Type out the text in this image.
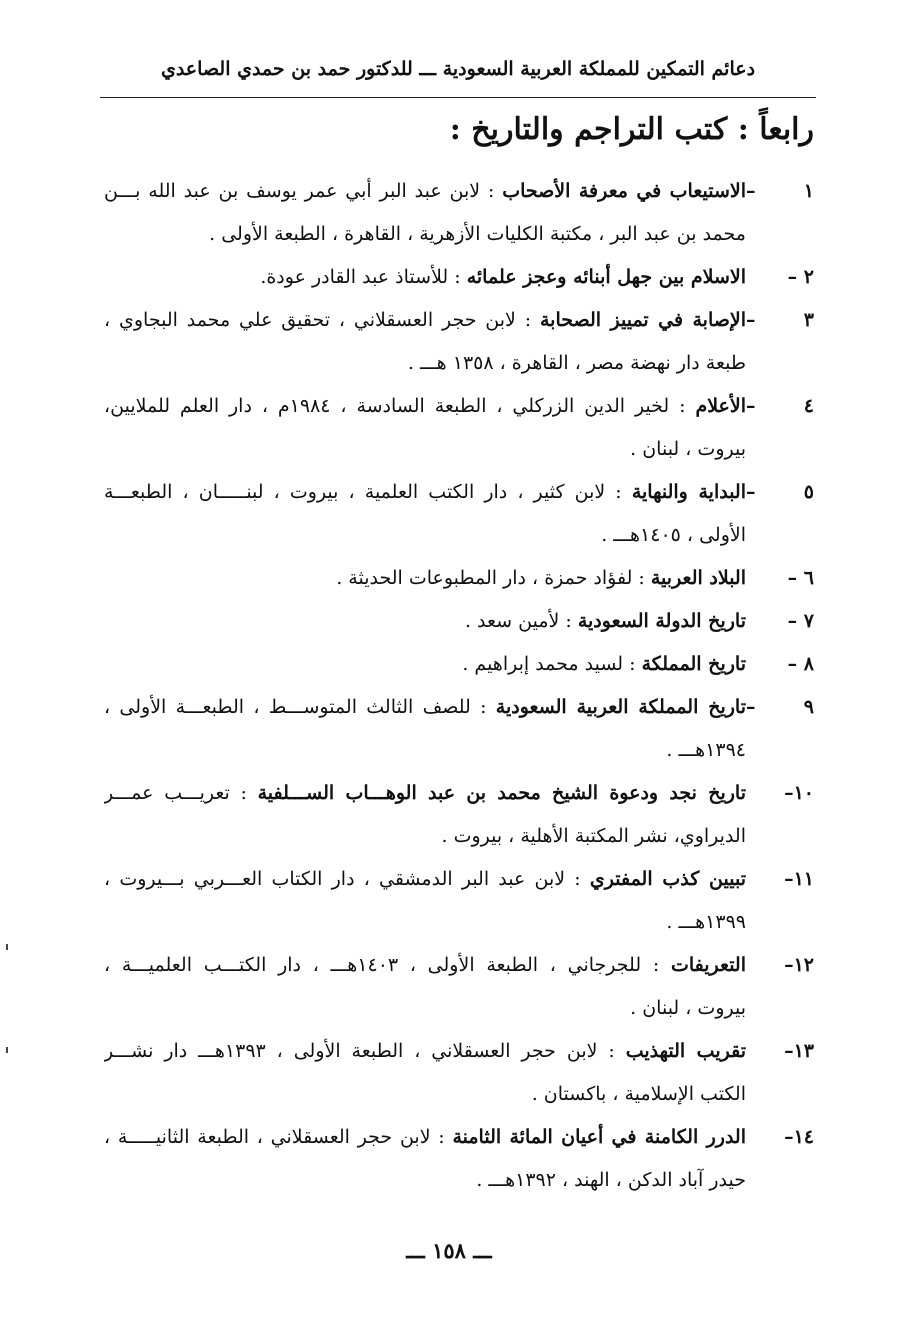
دعائم التمكين للمملكة العربية السعودية ـــ للدكتور حمد بن حمدي الصاعدي
رابعاً : كتب التراجم والتاريخ :
١ –الاستيعاب في معرفة الأصحاب : لابن عبد البر أبي عمر يوسف بن عبد الله بـــن
محمد بن عبد البر ، مكتبة الكليات الأزهرية ، القاهرة ، الطبعة الأولى .
٢ –الاسلام بين جهل أبنائه وعجز علمائه : للأستاذ عبد القادر عودة.
٣ –الإصابة في تمييز الصحابة : لابن حجر العسقلاني ، تحقيق علي محمد البجاوي ،
طبعة دار نهضة مصر ، القاهرة ، ١٣٥٨ هـــ .
٤ –الأعلام : لخير الدين الزركلي ، الطبعة السادسة ، ١٩٨٤م ، دار العلم للملايين،
بيروت ، لبنان .
٥ –البداية والنهاية : لابن كثير ، دار الكتب العلمية ، بيروت ، لبنـــــان ، الطبعـــة
الأولى ، ١٤٠٥هـــ .
٦ –البلاد العربية : لفؤاد حمزة ، دار المطبوعات الحديثة .
٧ –تاريخ الدولة السعودية : لأمين سعد .
٨ –تاريخ المملكة : لسيد محمد إبراهيم .
٩ –تاريخ المملكة العربية السعودية : للصف الثالث المتوســـط ، الطبعـــة الأولى ،
١٣٩٤هـــ .
١٠–تاريخ نجد ودعوة الشيخ محمد بن عبد الوهـــاب الســـلفية : تعريـــب عمـــر
الديراوي، نشر المكتبة الأهلية ، بيروت .
١١–تبيين كذب المفتري : لابن عبد البر الدمشقي ، دار الكتاب العـــربي بـــيروت ،
١٣٩٩هـــ .
١٢–التعريفات : للجرجاني ، الطبعة الأولى ، ١٤٠٣هـــ ، دار الكتـــب العلميـــة ،
بيروت ، لبنان .
١٣–تقريب التهذيب : لابن حجر العسقلاني ، الطبعة الأولى ، ١٣٩٣هـــ دار نشـــر
الكتب الإسلامية ، باكستان .
١٤–الدرر الكامنة في أعيان المائة الثامنة : لابن حجر العسقلاني ، الطبعة الثانيـــــة ،
حيدر آباد الدكن ، الهند ، ١٣٩٢هـــ .
ـــ ١٥٨ ـــ
